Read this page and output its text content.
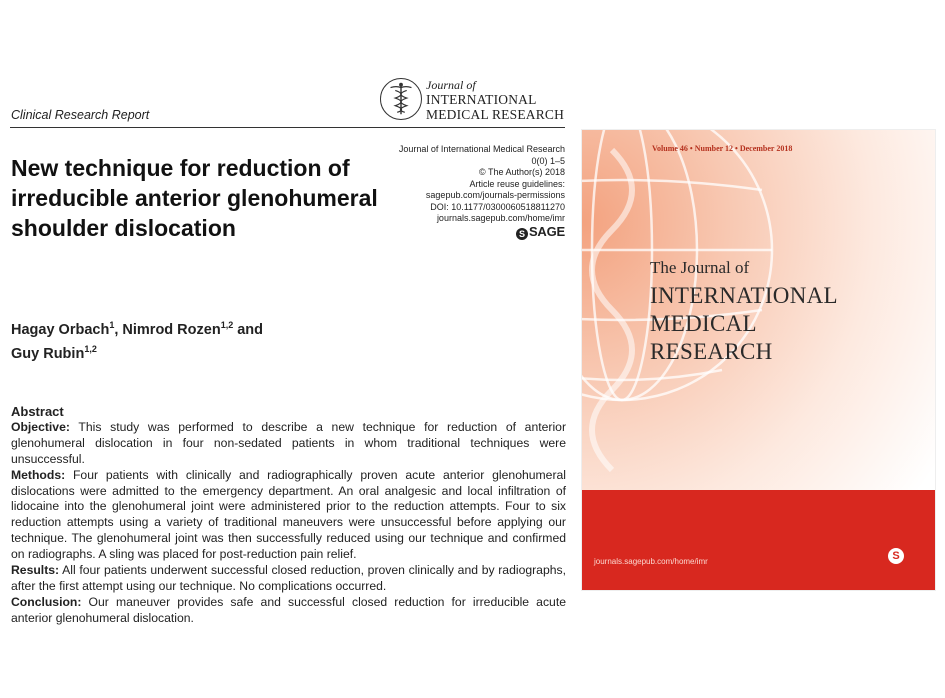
Clinical Research Report
Journal of
INTERNATIONAL
MEDICAL RESEARCH
New technique for reduction of irreducible anterior glenohumeral shoulder dislocation
Journal of International Medical Research
0(0) 1–5
© The Author(s) 2018
Article reuse guidelines:
sagepub.com/journals-permissions
DOI: 10.1177/0300060518811270
journals.sagepub.com/home/imr
S SAGE
Hagay Orbach$^1$, Nimrod Rozen$^{1,2}$ and
Guy Rubin$^{1,2}$
Abstract

Objective: This study was performed to describe a new technique for reduction of anterior glenohumeral dislocation in four non-sedated patients in whom traditional techniques were unsuccessful.

Methods: Four patients with clinically and radiographically proven acute anterior glenohumeral dislocations were admitted to the emergency department. An oral analgesic and local infiltration of lidocaine into the glenohumeral joint were administered prior to the reduction attempts. Four to six reduction attempts using a variety of traditional maneuvers were unsuccessful before applying our technique. The glenohumeral joint was then successfully reduced using our technique and confirmed on radiographs. A sling was placed for post-reduction pain relief.

Results: All four patients underwent successful closed reduction, proven clinically and by radiographs, after the first attempt using our technique. No complications occurred.

Conclusion: Our maneuver provides safe and successful closed reduction for irreducible acute anterior glenohumeral dislocation.

Volume 46 • Number 12 • December 2018
The Journal of
INTERNATIONAL
MEDICAL
RESEARCH
journals.sagepub.com/home/imr	S
